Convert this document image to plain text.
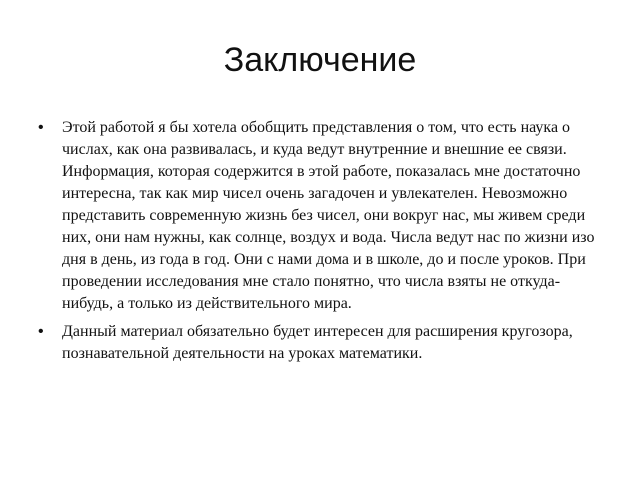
Заключение
• Этой работой я бы хотела обобщить представления о том, что есть наука о числах, как она развивалась, и куда ведут внутренние и внешние ее связи. Информация, которая содержится в этой работе, показалась мне достаточно интересна, так как мир чисел очень загадочен и увлекателен. Невозможно представить современную жизнь без чисел, они вокруг нас, мы живем среди них, они нам нужны, как солнце, воздух и вода. Числа ведут нас по жизни изо дня в день, из года в год. Они с нами дома и в школе, до и после уроков. При проведении исследования мне стало понятно, что числа взяты не откуда-нибудь, а только из действительного мира.
• Данный материал обязательно будет интересен для расширения кругозора, познавательной деятельности на уроках математики.
